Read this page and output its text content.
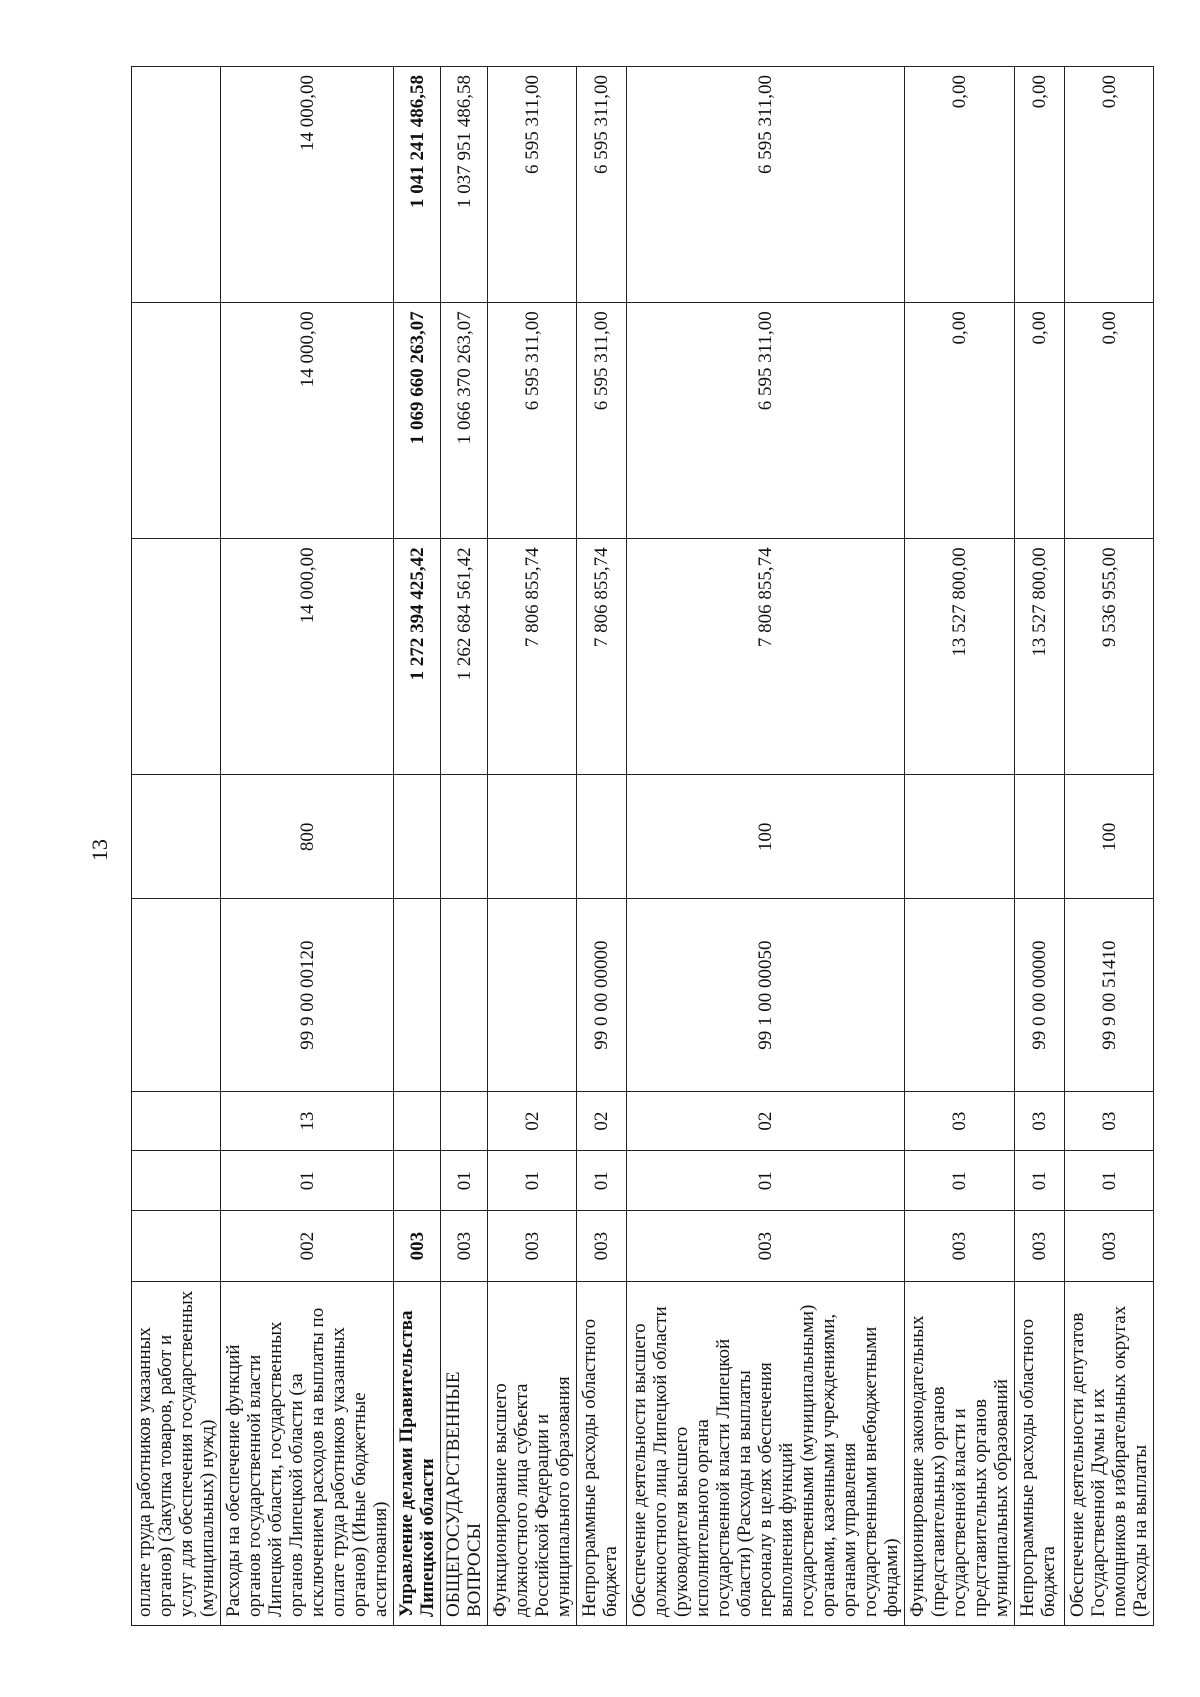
13
оплате труда работников указанных органов) (Закупка товаров, работ и услуг для обеспечения государственных (муниципальных) нужд)								
Расходы на обеспечение функций органов государственной власти Липецкой области, государственных органов Липецкой области (за исключением расходов на выплаты по оплате труда работников указанных органов) (Иные бюджетные ассигнования)	002	01	13	99 9 00 00120	800	14 000,00	14 000,00	14 000,00
Управление делами Правительства Липецкой области	003					1 272 394 425,42	1 069 660 263,07	1 041 241 486,58
ОБЩЕГОСУДАРСТВЕННЫЕ ВОПРОСЫ	003	01				1 262 684 561,42	1 066 370 263,07	1 037 951 486,58
Функционирование высшего должностного лица субъекта Российской Федерации и муниципального образования	003	01	02			7 806 855,74	6 595 311,00	6 595 311,00
Непрограммные расходы областного бюджета	003	01	02	99 0 00 00000		7 806 855,74	6 595 311,00	6 595 311,00
Обеспечение деятельности высшего должностного лица Липецкой области (руководителя высшего исполнительного органа государственной власти Липецкой области) (Расходы на выплаты персоналу в целях обеспечения выполнения функций государственными (муниципальными) органами, казенными учреждениями, органами управления государственными внебюджетными фондами)	003	01	02	99 1 00 00050	100	7 806 855,74	6 595 311,00	6 595 311,00
Функционирование законодательных (представительных) органов государственной власти и представительных органов муниципальных образований	003	01	03			13 527 800,00	0,00	0,00
Непрограммные расходы областного бюджета	003	01	03	99 0 00 00000		13 527 800,00	0,00	0,00
Обеспечение деятельности депутатов Государственной Думы и их помощников в избирательных округах (Расходы на выплаты	003	01	03	99 9 00 51410	100	9 536 955,00	0,00	0,00
